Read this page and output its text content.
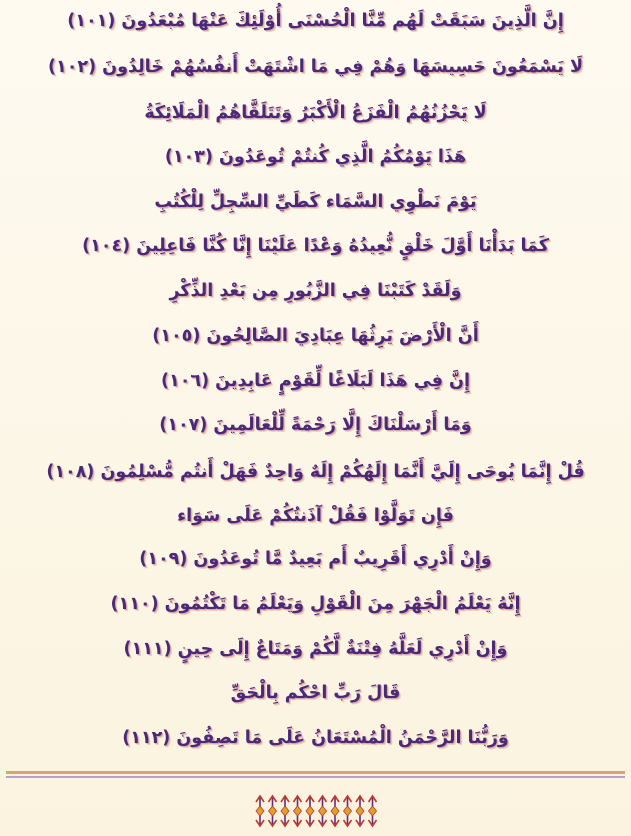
إِنَّ الَّذِينَ سَبَقَتْ لَهُم مِّنَّا الْحُسْنَى أُوْلَئِكَ عَنْهَا مُبْعَدُونَ (١٠١)
لَا يَسْمَعُونَ حَسِيسَهَا وَهُمْ فِي مَا اشْتَهَتْ أَنفُسُهُمْ خَالِدُونَ (١٠٢)
لَا يَحْزُنُهُمُ الْفَزَعُ الْأَكْبَرُ وَتَتَلَقَّاهُمُ الْمَلَائِكَةُ
هَذَا يَوْمُكُمُ الَّذِي كُنتُمْ تُوعَدُونَ (١٠٣)
يَوْمَ نَطْوِي السَّمَاء كَطَيِّ السِّجِلِّ لِلْكُتُبِ
كَمَا بَدَأْنَا أَوَّلَ خَلْقٍ نُّعِيدُهُ وَعْدًا عَلَيْنَا إِنَّا كُنَّا فَاعِلِينَ (١٠٤)
وَلَقَدْ كَتَبْنَا فِي الزَّبُورِ مِن بَعْدِ الذِّكْرِ
أَنَّ الْأَرْضَ يَرِثُهَا عِبَادِيَ الصَّالِحُونَ (١٠٥)
إِنَّ فِي هَذَا لَبَلَاغًا لِّقَوْمٍ عَابِدِينَ (١٠٦)
وَمَا أَرْسَلْنَاكَ إِلَّا رَحْمَةً لِّلْعَالَمِينَ (١٠٧)
قُلْ إِنَّمَا يُوحَى إِلَيَّ أَنَّمَا إِلَهُكُمْ إِلَهٌ وَاحِدٌ فَهَلْ أَنتُم مُّسْلِمُونَ (١٠٨)
فَإِن تَوَلَّوْا فَقُلْ آذَنتُكُمْ عَلَى سَوَاء
وَإِنْ أَدْرِي أَقَرِيبٌ أَم بَعِيدٌ مَّا تُوعَدُونَ (١٠٩)
إِنَّهُ يَعْلَمُ الْجَهْرَ مِنَ الْقَوْلِ وَيَعْلَمُ مَا تَكْتُمُونَ (١١٠)
وَإِنْ أَدْرِي لَعَلَّهُ فِتْنَةٌ لَّكُمْ وَمَتَاعٌ إِلَى حِينٍ (١١١)
قَالَ رَبِّ احْكُم بِالْحَقِّ
وَرَبُّنَا الرَّحْمَنُ الْمُسْتَعَانُ عَلَى مَا تَصِفُونَ (١١٢)
